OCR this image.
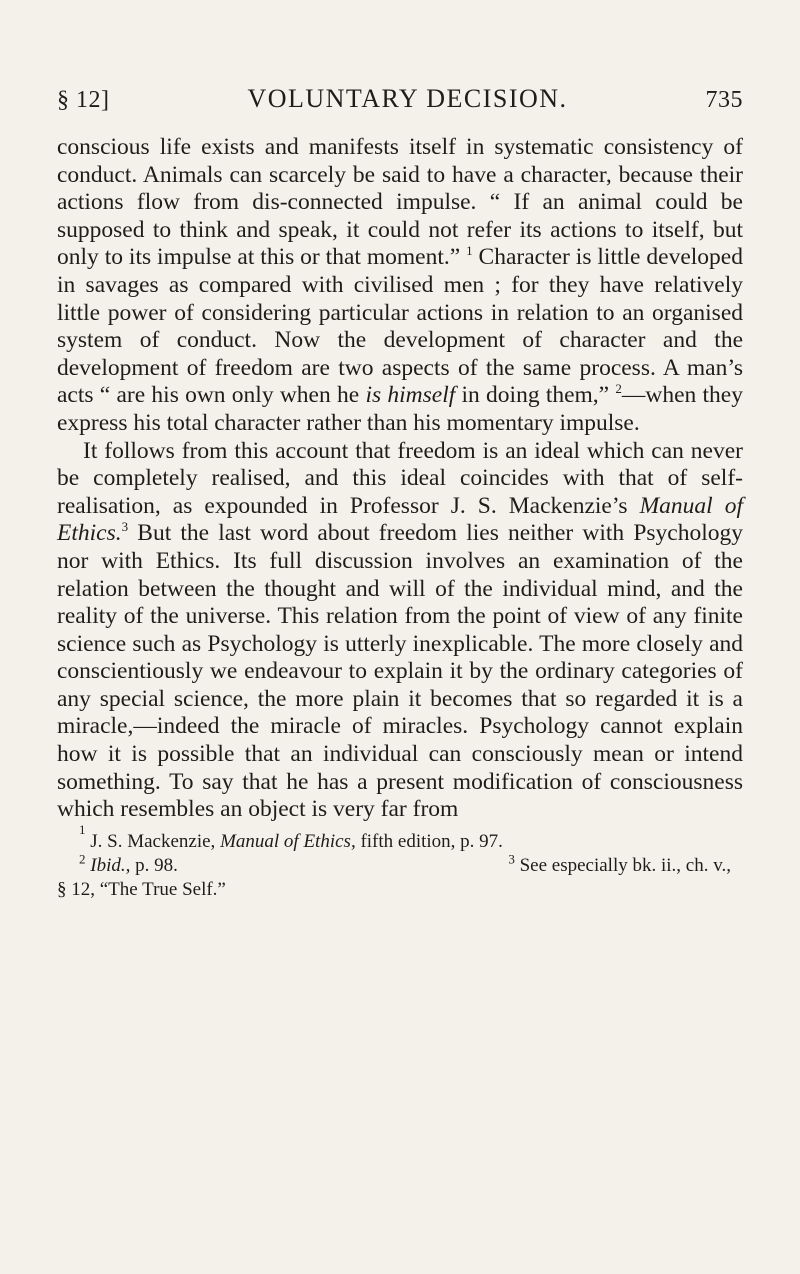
§ 12]	VOLUNTARY DECISION.	735

conscious life exists and manifests itself in systematic consistency of conduct. Animals can scarcely be said to have a character, because their actions flow from dis-connected impulse. “ If an animal could be supposed to think and speak, it could not refer its actions to itself, but only to its impulse at this or that moment.” $^1$ Character is little developed in savages as compared with civilised men ; for they have relatively little power of considering particular actions in relation to an organised system of conduct. Now the development of character and the development of freedom are two aspects of the same process. A man’s acts “ are his own only when he is himself in doing them,” $^2$—when they express his total character rather than his momentary impulse.

It follows from this account that freedom is an ideal which can never be completely realised, and this ideal coincides with that of self-realisation, as expounded in Professor J. S. Mackenzie’s Manual of Ethics.$^3$ But the last word about freedom lies neither with Psychology nor with Ethics. Its full discussion involves an examination of the relation between the thought and will of the individual mind, and the reality of the universe. This relation from the point of view of any finite science such as Psychology is utterly inexplicable. The more closely and conscientiously we endeavour to explain it by the ordinary categories of any special science, the more plain it becomes that so regarded it is a miracle,—indeed the miracle of miracles. Psychology cannot explain how it is possible that an individual can consciously mean or intend something. To say that he has a present modification of consciousness which resembles an object is very far from

1
J. S. Mackenzie, Manual of Ethics, fifth edition, p. 97.
$^2$ Ibid., p. 98.	$^3$ See especially bk. ii., ch. v.,
§ 12, “The True Self.”
